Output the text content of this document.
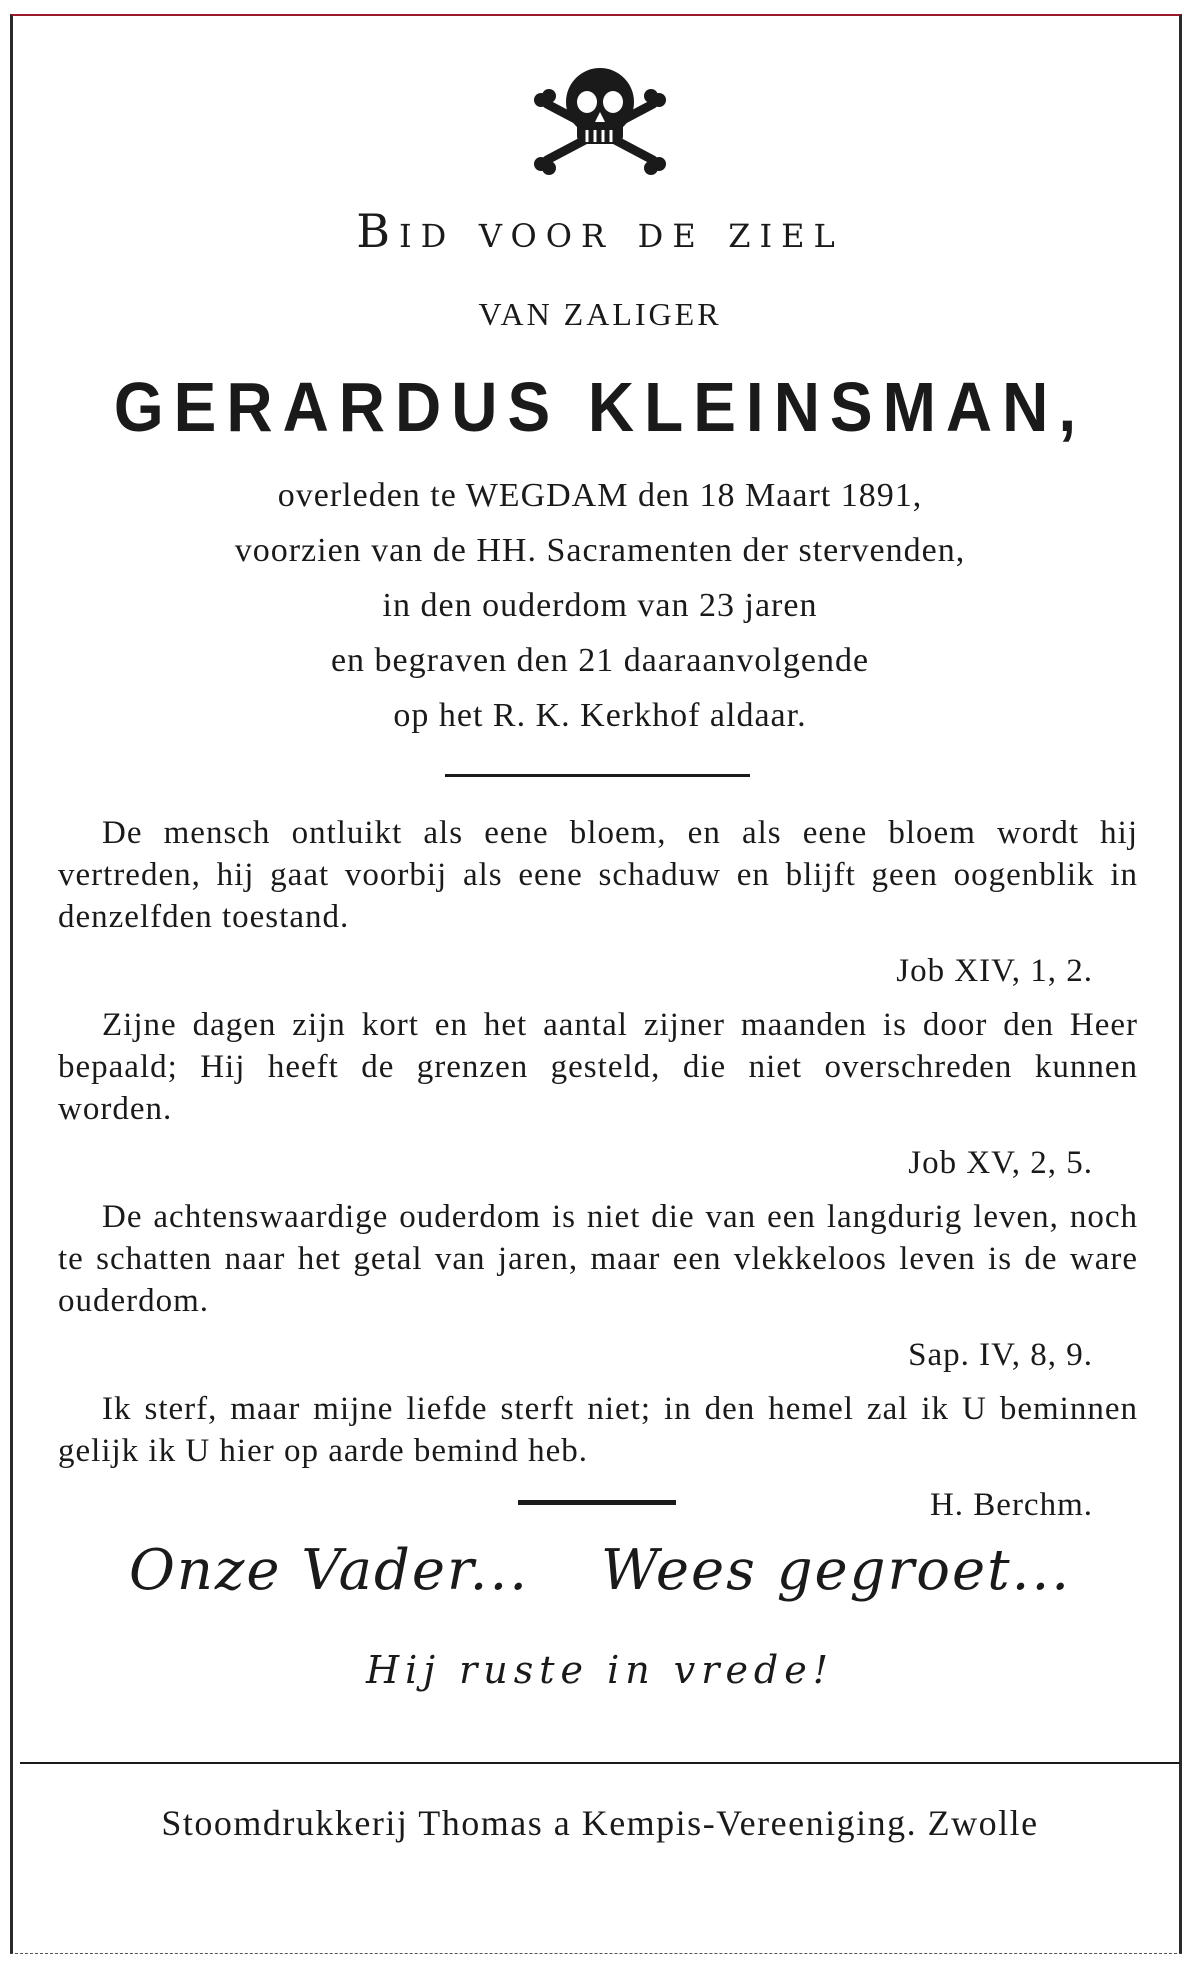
Bid voor de ziel
VAN ZALIGER
GERARDUS KLEINSMAN,
overleden te WEGDAM den 18 Maart 1891,
voorzien van de HH. Sacramenten der stervenden,
in den ouderdom van 23 jaren
en begraven den 21 daaraanvolgende
op het R. K. Kerkhof aldaar.
De mensch ontluikt als eene bloem, en als eene bloem wordt hij vertreden, hij gaat voorbij als eene schaduw en blijft geen oogenblik in denzelfden toestand.
Job XIV, 1, 2.
Zijne dagen zijn kort en het aantal zijner maanden is door den Heer bepaald; Hij heeft de grenzen gesteld, die niet overschreden kunnen worden.
Job XV, 2, 5.
De achtenswaardige ouderdom is niet die van een langdurig leven, noch te schatten naar het getal van jaren, maar een vlekkeloos leven is de ware ouderdom.
Sap. IV, 8, 9.
Ik sterf, maar mijne liefde sterft niet; in den hemel zal ik U beminnen gelijk ik U hier op aarde bemind heb.
H. Berchm.
Onze Vader... Wees gegroet...
Hij ruste in vrede!
Stoomdrukkerij Thomas a Kempis-Vereeniging. Zwolle
